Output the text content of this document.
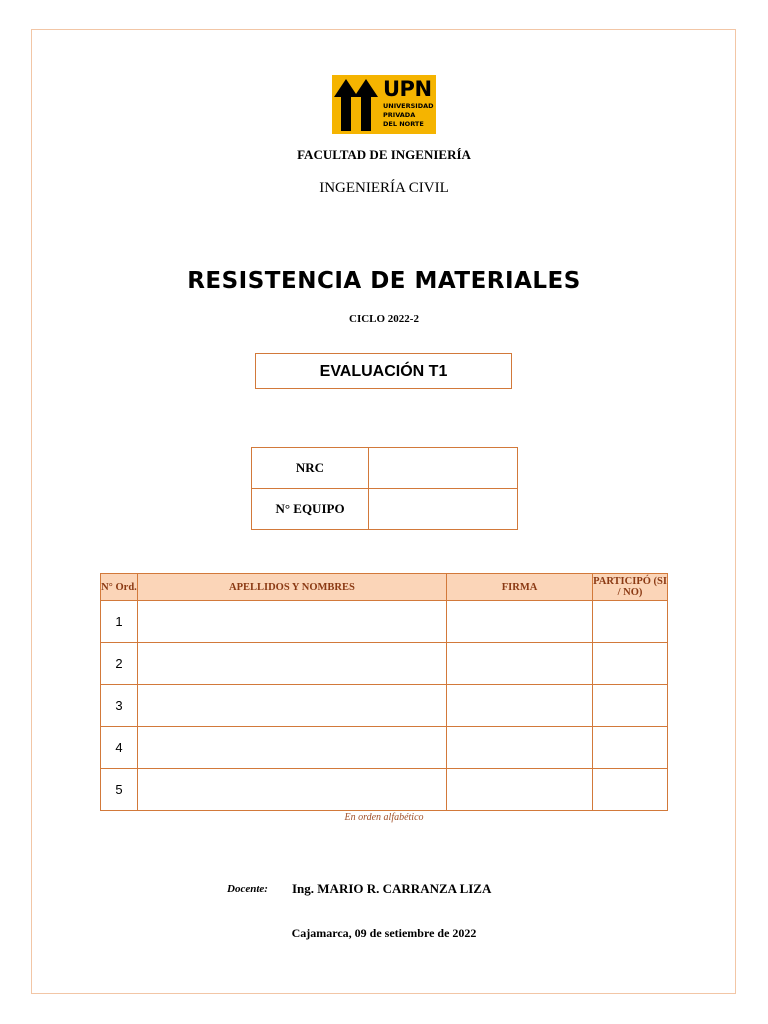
UPN
UNIVERSIDAD
PRIVADA
DEL NORTE
FACULTAD DE INGENIERÍA
INGENIERÍA CIVIL
RESISTENCIA DE MATERIALES
CICLO 2022-2
EVALUACIÓN T1
NRC	
N° EQUIPO	
N° Ord.	APELLIDOS Y NOMBRES	FIRMA	PARTICIPÓ (SI / NO)
1			
2			
3			
4			
5			
En orden alfabético
Docente: Ing. MARIO R. CARRANZA LIZA
Cajamarca, 09 de setiembre de 2022
